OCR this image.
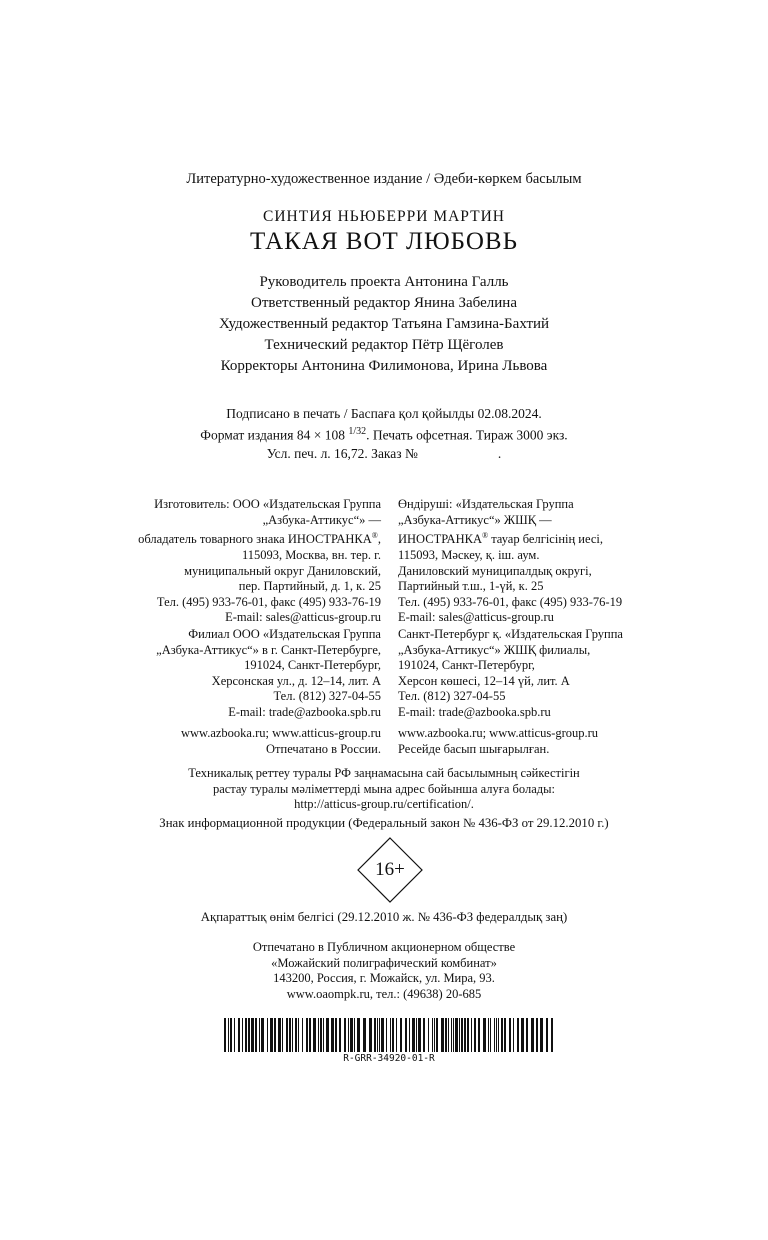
Литературно-художественное издание / Әдеби-көркем басылым
СИНТИЯ НЬЮБЕРРИ МАРТИН
ТАКАЯ ВОТ ЛЮБОВЬ
Руководитель проекта Антонина Галль
Ответственный редактор Янина Забелина
Художественный редактор Татьяна Гамзина-Бахтий
Технический редактор Пётр Щёголев
Корректоры Антонина Филимонова, Ирина Львова
Подписано в печать / Баспаға қол қойылды 02.08.2024.
Формат издания 84 × 108 $^{1/32}$. Печать офсетная. Тираж 3000 экз.
Усл. печ. л. 16,72. Заказ №	.
Изготовитель: ООО «Издательская Группа
„Азбука-Аттикус“» —
обладатель товарного знака ИНОСТРАНКА®,
115093, Москва, вн. тер. г.
муниципальный округ Даниловский,
пер. Партийный, д. 1, к. 25
Тел. (495) 933-76-01, факс (495) 933-76-19
E-mail: sales@atticus-group.ru
Өндіруші: «Издательская Группа
„Азбука-Аттикус“» ЖШҚ —
ИНОСТРАНКА® тауар белгісінің иесі,
115093, Мәскеу, қ. іш. аум.
Даниловский муниципалдық округі,
Партийный т.ш., 1-үй, к. 25
Тел. (495) 933-76-01, факс (495) 933-76-19
E-mail: sales@atticus-group.ru
Филиал ООО «Издательская Группа
„Азбука-Аттикус“» в г. Санкт-Петербурге,
191024, Санкт-Петербург,
Херсонская ул., д. 12–14, лит. А
Тел. (812) 327-04-55
E-mail: trade@azbooka.spb.ru
Санкт-Петербург қ. «Издательская Группа
„Азбука-Аттикус“» ЖШҚ филиалы,
191024, Санкт-Петербург,
Херсон көшесі, 12–14 үй, лит. А
Тел. (812) 327-04-55
E-mail: trade@azbooka.spb.ru
www.azbooka.ru; www.atticus-group.ru
Отпечатано в России.
www.azbooka.ru; www.atticus-group.ru
Ресейде басып шығарылған.
Техникалық реттеу туралы РФ заңнамасына сай басылымның сәйкестігін
растау туралы мәліметтерді мына адрес бойынша алуға болады:
http://atticus-group.ru/certification/.
Знак информационной продукции (Федеральный закон № 436-ФЗ от 29.12.2010 г.)
16+
Ақпараттық өнім белгісі (29.12.2010 ж. № 436-ФЗ федералдық заң)
Отпечатано в Публичном акционерном обществе
«Можайский полиграфический комбинат»
143200, Россия, г. Можайск, ул. Мира, 93.
www.oaompk.ru, тел.: (49638) 20-685
R-GRR-34920-01-R
